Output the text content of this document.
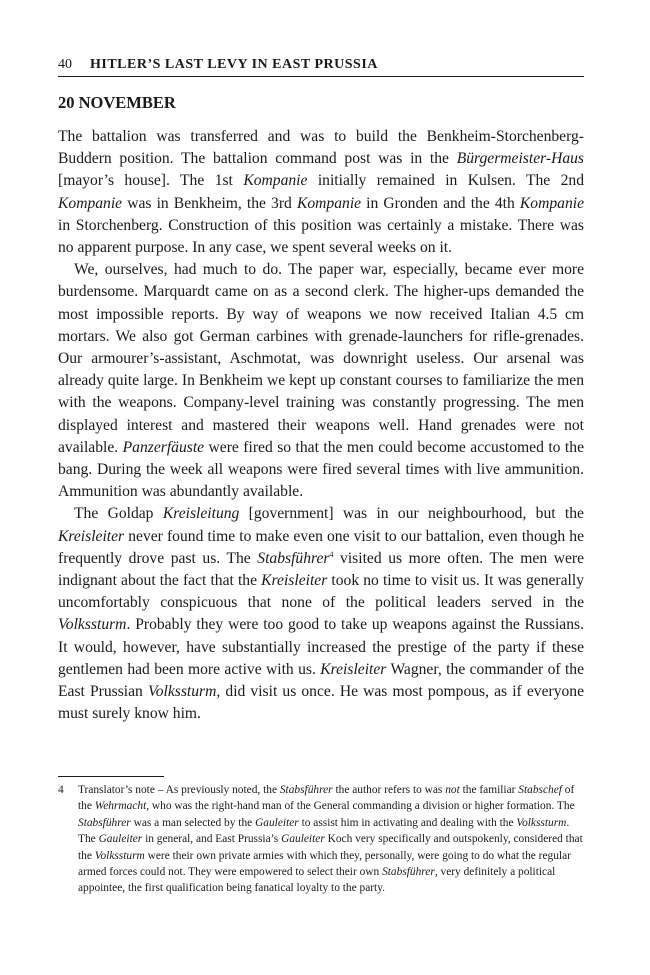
40 HITLER’S LAST LEVY IN EAST PRUSSIA
20 NOVEMBER

The battalion was transferred and was to build the Benkheim-Storchenberg-Buddern position. The battalion command post was in the Bürgermeister-Haus [mayor’s house]. The 1st Kompanie initially remained in Kulsen. The 2nd Kompanie was in Benkheim, the 3rd Kompanie in Gronden and the 4th Kompanie in Storchenberg. Construction of this position was certainly a mistake. There was no apparent purpose. In any case, we spent several weeks on it.

We, ourselves, had much to do. The paper war, especially, became ever more burdensome. Marquardt came on as a second clerk. The higher-ups demanded the most impossible reports. By way of weapons we now received Italian 4.5 cm mortars. We also got German carbines with grenade-launchers for rifle-grenades. Our armourer’s-assistant, Aschmotat, was downright useless. Our arsenal was already quite large. In Benkheim we kept up constant courses to familiarize the men with the weapons. Company-level training was constantly progressing. The men displayed interest and mastered their weapons well. Hand grenades were not available. Panzerfäuste were fired so that the men could become accustomed to the bang. During the week all weapons were fired several times with live ammunition. Ammunition was abundantly available.

The Goldap Kreisleitung [government] was in our neighbourhood, but the Kreisleiter never found time to make even one visit to our battalion, even though he frequently drove past us. The Stabsführer$^4$ visited us more often. The men were indignant about the fact that the Kreisleiter took no time to visit us. It was generally uncomfortably conspicuous that none of the political leaders served in the Volkssturm. Probably they were too good to take up weapons against the Russians. It would, however, have substantially increased the prestige of the party if these gentlemen had been more active with us. Kreisleiter Wagner, the commander of the East Prussian Volkssturm, did visit us once. He was most pompous, as if everyone must surely know him.

4 Translator’s note – As previously noted, the Stabsführer the author refers to was not the familiar Stabschef of the Wehrmacht, who was the right-hand man of the General commanding a division or higher formation. The Stabsführer was a man selected by the Gauleiter to assist him in activating and dealing with the Volkssturm. The Gauleiter in general, and East Prussia’s Gauleiter Koch very specifically and outspokenly, considered that the Volkssturm were their own private armies with which they, personally, were going to do what the regular armed forces could not. They were empowered to select their own Stabsführer, very definitely a political appointee, the first qualification being fanatical loyalty to the party.
